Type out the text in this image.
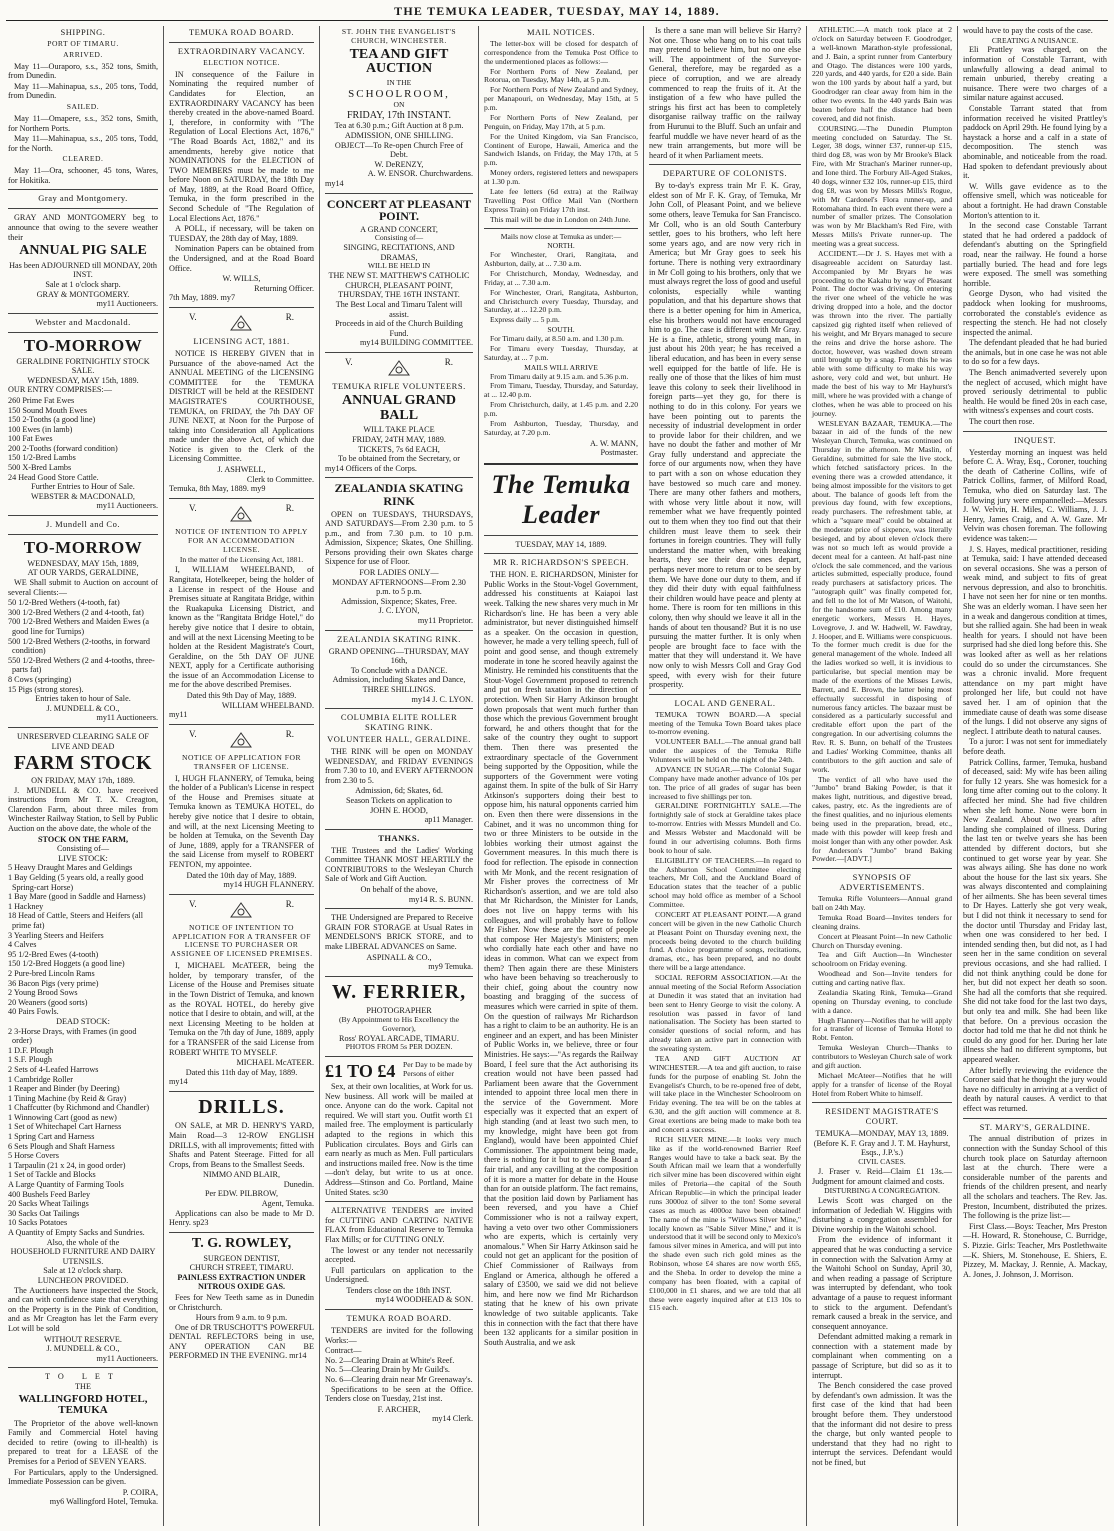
THE TEMUKA LEADER, TUESDAY, MAY 14, 1889.
SHIPPING.
PORT OF TIMARU.
ARRIVED.

May 11—Ouraporo, s.s., 352 tons, Smith, from Dunedin.

May 11—Mahinapua, s.s., 205 tons, Todd, from Dunedin.

SAILED.

May 11—Omapere, s.s., 352 tons, Smith, for Northern Ports.

May 11—Mahinapua, s.s., 205 tons, Todd, for the North.

CLEARED.

May 11—Ora, schooner, 45 tons, Wares, for Hokitika.

Gray and Montgomery.

GRAY AND MONTGOMERY beg to announce that owing to the severe weather their

ANNUAL PIG SALE
Has been ADJOURNED till MONDAY, 20th INST.
Sale at 1 o'clock sharp.
GRAY & MONTGOMERY.
my11 Auctioneers.
Webster and Macdonald.
TO-MORROW
GERALDINE FORTNIGHTLY STOCK SALE.
WEDNESDAY, MAY 15th, 1889.

OUR ENTRY COMPRISES:—

260 Prime Fat Ewes
150 Sound Mouth Ewes
150 2-Tooths (a good line)
100 Ewes (in lamb)
100 Fat Ewes
200 2-Tooths (forward condition)
150 1/2-Bred Lambs
500 X-Bred Lambs
24 Head Good Store Cattle.
Further Entries to Hour of Sale.
WEBSTER & MACDONALD,
my11 Auctioneers.
J. Mundell and Co.
TO-MORROW
WEDNESDAY, MAY 15th, 1889,
AT OUR YARDS, GERALDINE,

WE Shall submit to Auction on account of several Clients:—

50 1/2-Bred Wethers (4-tooth, fat)
300 1/2-Bred Wethers (2 and 4-tooth, fat)
700 1/2-Bred Wethers and Maiden Ewes (a good line for Turnips)
500 1/2-Bred Wethers (2-tooths, in forward condition)
550 1/2-Bred Wethers (2 and 4-tooths, three-parts fat)
8 Cows (springing)
15 Pigs (strong stores).
Entries taken to hour of Sale.
J. MUNDELL & CO.,
my11 Auctioneers.
UNRESERVED CLEARING SALE OF LIVE AND DEAD
FARM STOCK
ON FRIDAY, MAY 17th, 1889.

J. MUNDELL & CO. have received instructions from Mr T. X. Creagton, Clarendon Farm, about three miles from Winchester Railway Station, to Sell by Public Auction on the above date, the whole of the

STOCK ON THE FARM,
Consisting of—
LIVE STOCK:
5 Heavy Draught Mares and Geldings
1 Bay Gelding (5 years old, a really good Spring-cart Horse)
1 Bay Mare (good in Saddle and Harness)
1 Hackney
18 Head of Cattle, Steers and Heifers (all prime fat)
3 Yearling Steers and Heifers
4 Calves
95 1/2-Bred Ewes (4-tooth)
150 1/2-Bred Hoggets (a good line)
2 Pure-bred Lincoln Rams
36 Bacon Pigs (very prime)
2 Young Brood Sows
20 Weaners (good sorts)
40 Pairs Fowls.
DEAD STOCK:
2 3-Horse Drays, with Frames (in good order)
1 D.F. Plough
1 S.F. Plough
2 Sets of 4-Leafed Harrows
1 Cambridge Roller
1 Reaper and Binder (by Deering)
1 Tining Machine (by Reid & Gray)
1 Chaffcutter (by Richmond and Chandler)
1 Winnowing Cart (good as new)
1 Set of Whitechapel Cart Harness
1 Spring Cart and Harness
6 Sets Plough and Shaft Harness
5 Horse Covers
1 Tarpaulin (21 x 24, in good order)
1 Set of Tackle and Blocks
A Large Quantity of Farming Tools
400 Bushels Feed Barley
20 Sacks Wheat Tailings
30 Sacks Oat Tailings
10 Sacks Potatoes
A Quantity of Empty Sacks and Sundries.
Also, the whole of the
HOUSEHOLD FURNITURE AND DAIRY UTENSILS.
Sale at 12 o'clock sharp.
LUNCHEON PROVIDED.

The Auctioneers have inspected the Stock, and can with confidence state that everything on the Property is in the Pink of Condition, and as Mr Creagton has let the Farm every Lot will be sold

WITHOUT RESERVE.
J. MUNDELL & CO.,
my11 Auctioneers.
TO LET
THE
WALLINGFORD HOTEL, TEMUKA

The Proprietor of the above well-known Family and Commercial Hotel having decided to retire (owing to ill-health) is prepared to treat for a LEASE of the Premises for a Period of SEVEN YEARS.

For Particulars, apply to the Undersigned. Immediate Possession can be given.

P. COIRA,
my6 Wallingford Hotel, Temuka.
TEMUKA ROAD BOARD.
EXTRAORDINARY VACANCY.
ELECTION NOTICE.

IN consequence of the Failure in Nominating the required number of Candidates for Election, an EXTRAORDINARY VACANCY has been thereby created in the above-named Board. I, therefore, in conformity with "The Regulation of Local Elections Act, 1876," "The Road Boards Act, 1882," and its amendments, hereby give notice that NOMINATIONS for the ELECTION of TWO MEMBERS must be made to me before Noon on SATURDAY, the 18th Day of May, 1889, at the Road Board Office, Temuka, in the form prescribed in the Second Schedule of "The Regulation of Local Elections Act, 1876."

A POLL, if necessary, will be taken on TUESDAY, the 28th day of May, 1889.

Nomination Papers can be obtained from the Undersigned, and at the Road Board Office.

W. WILLS,
Returning Officer.
7th May, 1889. my7
V.	R.
LICENSING ACT, 1881.

NOTICE IS HEREBY GIVEN that in Pursuance of the above-named Act the ANNUAL MEETING of the LICENSING COMMITTEE for the TEMUKA DISTRICT will be held at the RESIDENT MAGISTRATE'S COURTHOUSE, TEMUKA, on FRIDAY, the 7th DAY OF JUNE NEXT, at Noon for the Purpose of taking into Consideration all Applications made under the above Act, of which due Notice is given to the Clerk of the Licensing Committee.

J. ASHWELL,
Clerk to Committee.
Temuka, 8th May, 1889. my9
V.	R.
NOTICE OF INTENTION TO APPLY FOR AN ACCOMMODATION LICENSE.
In the matter of the Licensing Act, 1881.

I, WILLIAM WHEELBAND, of Rangitata, Hotelkeeper, being the holder of a License in respect of the House and Premises situate at Rangitata Bridge, within the Ruakapuka Licensing District, and known as the "Rangitata Bridge Hotel," do hereby give notice that I desire to obtain, and will at the next Licensing Meeting to be holden at the Resident Magistrate's Court, Geraldine, on the 5th DAY OF JUNE NEXT, apply for a Certificate authorising the issue of an Accommodation License to me for the above described Premises.

Dated this 9th Day of May, 1889.
WILLIAM WHEELBAND.
my11
V.	R.
NOTICE OF APPLICATION FOR TRANSFER OF LICENSE.

I, HUGH FLANNERY, of Temuka, being the holder of a Publican's License in respect of the House and Premises situate at Temuka known as TEMUKA HOTEL, do hereby give notice that I desire to obtain, and will, at the next Licensing Meeting to be holden at Temuka, on the Seventh Day of June, 1889, apply for a TRANSFER of the said License from myself to ROBERT FENTON, my appointee.

Dated the 10th day of May, 1889.
my14 HUGH FLANNERY.
V.	R.
NOTICE OF INTENTION TO APPLICATION FOR A TRANSFER OF LICENSE TO PURCHASER OR ASSIGNEE OF LICENSED PREMISES.

I, MICHAEL McATEER, being the holder, by temporary transfer, of the License of the House and Premises situate in the Town District of Temuka, and known as the ROYAL HOTEL, do hereby give notice that I desire to obtain, and will, at the next Licensing Meeting to be holden at Temuka on the 7th day of June, 1889, apply for a TRANSFER of the said License from ROBERT WHITE TO MYSELF.

MICHAEL McATEER.
Dated this 11th day of May, 1889.
my14
DRILLS.

ON SALE, at MR D. HENRY'S YARD, Main Road—3 12-ROW ENGLISH DRILLS, with all improvements; fitted with Shafts and Patent Steerage. Fitted for all Crops, from Beans to the Smallest Seeds.

NIMMO AND BLAIR,
Dunedin.
Per EDW. PILBROW,
Agent, Temuka.

Applications can also be made to Mr D. Henry. sp23

T. G. ROWLEY,
SURGEON DENTIST,
CHURCH STREET, TIMARU.

PAINLESS EXTRACTION UNDER NITROUS OXIDE GAS.

Fees for New Teeth same as in Dunedin or Christchurch.

Hours from 9 a.m. to 9 p.m.

One of DR TRUSCHOTT'S POWERFUL DENTAL REFLECTORS being in use, ANY OPERATION CAN BE PERFORMED IN THE EVENING. mr14

ST. JOHN THE EVANGELIST'S CHURCH, WINCHESTER.
TEA AND GIFT AUCTION
IN THE
SCHOOLROOM,
ON
FRIDAY, 17th INSTANT.
Tea at 6.30 p.m.; Gift Auction at 8 p.m.
ADMISSION, ONE SHILLING.
OBJECT—To Re-open Church Free of Debt.
W. DeRENZY,
A. W. ENSOR. Churchwardens.
my14
CONCERT AT PLEASANT POINT.
A GRAND CONCERT,
Consisting of—
SINGING, RECITATIONS, AND DRAMAS,
WILL BE HELD IN
THE NEW ST. MATTHEW'S CATHOLIC CHURCH, PLEASANT POINT,
THURSDAY, THE 16TH INSTANT.
The Best Local and Timaru Talent will assist.
Proceeds in aid of the Church Building Fund.
my14 BUILDING COMMITTEE.
V.	R.
TEMUKA RIFLE VOLUNTEERS.
ANNUAL GRAND BALL
WILL TAKE PLACE
FRIDAY, 24TH MAY, 1889.
TICKETS, 7s 6d EACH,
To be obtained from the Secretary, or
my14 Officers of the Corps.
ZEALANDIA SKATING RINK

OPEN on TUESDAYS, THURSDAYS, AND SATURDAYS—From 2.30 p.m. to 5 p.m., and from 7.30 p.m. to 10 p.m. Admission, Sixpence; Skates, One Shilling. Persons providing their own Skates charge Sixpence for use of Floor.

FOR LADIES ONLY—
MONDAY AFTERNOONS—From 2.30 p.m. to 5 p.m.
Admission, Sixpence; Skates, Free.
J. C. LYON,
my11 Proprietor.
ZEALANDIA SKATING RINK.
GRAND OPENING—THURSDAY, MAY 16th,
To Conclude with a DANCE.
Admission, including Skates and Dance, THREE SHILLINGS.
my14 J. C. LYON.
COLUMBIA ELITE ROLLER SKATING RINK.
VOLUNTEER HALL, GERALDINE.

THE RINK will be open on MONDAY WEDNESDAY, and FRIDAY EVENINGS from 7.30 to 10, and EVERY AFTERNOON from 2.30 to 5.

Admission, 6d; Skates, 6d.
Season Tickets on application to
JOHN E. HOOD,
ap11 Manager.
THANKS.

THE Trustees and the Ladies' Working Committee THANK MOST HEARTILY the CONTRIBUTORS to the Wesleyan Church Sale of Work and Gift Auction.

On behalf of the above,
my14 R. S. BUNN.

THE Undersigned are Prepared to Receive GRAIN FOR STORAGE at Usual Rates in MENDELSON'S BRICK STORE, and to make LIBERAL ADVANCES on Same.

ASPINALL & CO.,
my9 Temuka.
W. FERRIER,
PHOTOGRAPHER
(By Appointment to His Excellency the Governor),
Ross' ROYAL ARCADE, TIMARU.
PHOTOS FROM 5s PER DOZEN.
£1 TO £4 Per Day to be made by Persons of either

Sex, at their own localities, at Work for us. New business. All work will be mailed at once. Anyone can do the work. Capital not required. We will start you. Outfit worth £1 mailed free. The employment is particularly adapted to the regions in which this Publication circulates. Boys and Girls can earn nearly as much as Men. Full particulars and instructions mailed free. Now is the time—don't delay, but write to us at once. Address—Stinson and Co. Portland, Maine United States. sc30

ALTERNATIVE TENDERS are invited for CUTTING AND CARTING NATIVE FLAX from Educational Reserve to Temuka Flax Mills; or for CUTTING ONLY.

The lowest or any tender not necessarily accepted.

Full particulars on application to the Undersigned.

Tenders close on the 18th INST.
my14 WOODHEAD & SON.
TEMUKA ROAD BOARD.

TENDERS are invited for the following Works:—

Contract—
No. 2—Clearing Drain at White's Reef.
No. 5—Clearing Drain by Mr Guild's.
No. 6—Clearing drain near Mr Greenaway's.

Specifications to be seen at the Office. Tenders close on Tuesday, 21st inst.

F. ARCHER,
my14 Clerk.
MAIL NOTICES.

The letter-box will be closed for despatch of correspondence from the Temuka Post Office to the undermentioned places as follows:—

For Northern Ports of New Zealand, per Rotorua, on Tuesday, May 14th, at 5 p.m.

For Northern Ports of New Zealand and Sydney, per Manapouri, on Wednesday, May 15th, at 5 p.m.

For Northern Ports of New Zealand, per Penguin, on Friday, May 17th, at 5 p.m.

For the United Kingdom, via San Francisco, Continent of Europe, Hawaii, America and the Sandwich Islands, on Friday, the May 17th, at 5 p.m.

Money orders, registered letters and newspapers at 1.30 p.m.

Late fee letters (6d extra) at the Railway Travelling Post Office Mail Van (Northern Express Train) on Friday 17th inst.

This mail will be due in London on 24th June.

Mails now close at Temuka as under:—
NORTH.

For Winchester, Orari, Rangitata, and Ashburton, daily, at ... 7.30 a.m.

For Christchurch, Monday, Wednesday, and Friday, at ... 7.30 a.m.

For Winchester, Orari, Rangitata, Ashburton, and Christchurch every Tuesday, Thursday, and Saturday, at ... 12.20 p.m.

Express daily ... 5 p.m.

SOUTH.

For Timaru daily, at 8.50 a.m. and 1.30 p.m.

For Timaru every Tuesday, Thursday, at Saturday, at ... 7 p.m.

MAILS WILL ARRIVE

From Timaru daily at 9.15 a.m. and 5.36 p.m.

From Timaru, Tuesday, Thursday, and Saturday, at ... 12.40 p.m.

From Christchurch, daily, at 1.45 p.m. and 2.20 p.m.

From Ashburton, Tuesday, Thursday, and Saturday, at 7.20 p.m.

A. W. MANN,
Postmaster.
The Temuka Leader
TUESDAY, MAY 14, 1889.
MR R. RICHARDSON'S SPEECH.

THE HON. E. RICHARDSON, Minister for Public Works in the Stout-Vogel Government, addressed his constituents at Kaiapoi last week. Talking the new shares very much in Mr Richardson's line. He has been a very able administrator, but never distinguished himself as a speaker. On the occasion in question, however, he made a very telling speech, full of point and good sense, and though extremely moderate in tone he scored heavily against the Ministry. He reminded his constituents that the Stout-Vogel Government proposed to retrench and put on fresh taxation in the direction of protection. When Sir Harry Atkinson brought down proposals that went much further than those which the previous Government brought forward, he and others thought that for the sake of the country they ought to support them. Then there was presented the extraordinary spectacle of the Government being supported by the Opposition, while the supporters of the Government were voting against them. In spite of the bulk of Sir Harry Atkinson's supporters doing their best to oppose him, his natural opponents carried him on. Even then there were dissensions in the Cabinet, and it was no uncommon thing for two or three Ministers to be outside in the lobbies working their utmost against the Government measures. In this much there is food for reflection. The episode in connection with Mr Monk, and the recent resignation of Mr Fisher proves the correctness of Mr Richardson's assertion, and we are told also that Mr Richardson, the Minister for Lands, does not live on happy terms with his colleagues, and will probably have to follow Mr Fisher. Now these are the sort of people that compose Her Majesty's Ministers; men who cordially hate each other and have no ideas in common. What can we expect from them? Then again there are these Ministers who have been behaving so treacherously to their chief, going about the country now boasting and bragging of the success of measures which were carried in spite of them. On the question of railways Mr Richardson has a right to claim to be an authority. He is an engineer and an expert, and has been Minister of Public Works in, we believe, three or four Ministries. He says:—"As regards the Railway Board, I feel sure that the Act authorising its creation would not have been passed had Parliament been aware that the Government intended to appoint three local men there in the service of the Government. More especially was it expected that an expert of high standing (and at least two such men, to my knowledge, might have been got from England), would have been appointed Chief Commissioner. The appointment being made, there is nothing for it but to give the Board a fair trial, and any cavilling at the composition of it is more a matter for debate in the House than for an outside platform. The fact remains, that the position laid down by Parliament has been reversed, and you have a Chief Commissioner who is not a railway expert, having a veto over two other Commissioners who are experts, which is certainly very anomalous." When Sir Harry Atkinson said he could not get an applicant for the position of Chief Commissioner of Railways from England or America, although he offered a salary of £3500, we said we did not believe him, and here now we find Mr Richardson stating that he knew of his own private knowledge of two suitable applicants. Take this in connection with the fact that there have been 132 applicants for a similar position in South Australia, and we ask

Is there a sane man will believe Sir Harry? Not one. Those who hang on to his coat tails may pretend to believe him, but no one else will. The appointment of the Surveyor-General, therefore, may be regarded as a piece of corruption, and we are already commenced to reap the fruits of it. At the instigation of a few who have pulled the strings his first act has been to completely disorganise railway traffic on the railway from Hurunui to the Bluff. Such an unfair and fearful muddle we have never heard of as the new train arrangements, but more will be heard of it when Parliament meets.

DEPARTURE OF COLONISTS.

By to-day's express train Mr F. K. Gray, eldest son of Mr F. K. Gray, of Temuka, Mr John Coll, of Pleasant Point, and we believe some others, leave Temuka for San Francisco. Mr Coll, who is an old South Canterbury settler, goes to his brothers, who left here some years ago, and are now very rich in America; but Mr Gray goes to seek his fortune. There is nothing very extraordinary in Mr Coll going to his brothers, only that we must always regret the loss of good and useful colonists, especially while wanting population, and that his departure shows that there is a better opening for him in America, else his brothers would not have encouraged him to go. The case is different with Mr Gray. He is a fine, athletic, strong young man, in just about his 20th year; he has received a liberal education, and has been in every sense well equipped for the battle of life. He is really one of those that the likes of him must leave this colony to seek their livelihood in foreign parts—yet they go, for there is nothing to do in this colony. For years we have been pointing out to parents the necessity of industrial development in order to provide labor for their children, and we have no doubt the father and mother of Mr Gray fully understand and appreciate the force of our arguments now, when they have to part with a son on whose education they have bestowed so much care and money. There are many other fathers and mothers, with whose very little about it now, will remember what we have frequently pointed out to them when they too find out that their children must leave them to seek their fortunes in foreign countries. They will fully understand the matter when, with breaking hearts, they see their dear ones depart, perhaps never more to return or to be seen by them. We have done our duty to them, and if they did their duty with equal faithfulness their children would have peace and plenty at home. There is room for ten millions in this colony, then why should we leave it all in the hands of about ten thousand? But it is no use pursuing the matter further. It is only when people are brought face to face with the matter that they will understand it. We have now only to wish Messrs Coll and Gray God speed, with every wish for their future prosperity.

LOCAL AND GENERAL.

TEMUKA TOWN BOARD.—A special meeting of the Temuka Town Board takes place to-morrow evening.

VOLUNTEER BALL.—The annual grand ball under the auspices of the Temuka Rifle Volunteers will be held on the night of the 24th.

ADVANCE IN SUGAR.—The Colonial Sugar Company have made another advance of 10s per ton. The price of all grades of sugar has been increased to five shillings per ton.

GERALDINE FORTNIGHTLY SALE.—The fortnightly sale of stock at Geraldine takes place to-morrow. Entries with Messrs Mundell and Co. and Messrs Webster and Macdonald will be found in our advertising columns. Both firms book to hour of sale.

ELIGIBILITY OF TEACHERS.—In regard to the Ashburton School Committee electing teachers, Mr Coll, and the Auckland Board of Education states that the teacher of a public school may hold office as member of a School Committee.

CONCERT AT PLEASANT POINT.—A grand concert will be given in the new Catholic Church at Pleasant Point on Thursday evening next, the proceeds being devoted to the church building fund. A choice programme of songs, recitations, dramas, etc., has been prepared, and no doubt there will be a large attendance.

SOCIAL REFORM ASSOCIATION.—At the annual meeting of the Social Reform Association at Dunedin it was stated that an invitation had been sent to Henry George to visit the colony. A resolution was passed in favor of land nationalisation. The Society has been started to consider questions of social reform, and has already taken an active part in connection with the sweating system.

TEA AND GIFT AUCTION AT WINCHESTER.—A tea and gift auction, to raise funds for the purpose of enabling St. John the Evangelist's Church, to be re-opened free of debt, will take place in the Winchester Schoolroom on Friday evening. The tea will be on the tables at 6.30, and the gift auction will commence at 8. Great exertions are being made to make both tea and concert a success.

RICH SILVER MINE.—It looks very much like as if the world-renowned Barrier Reef Ranges would have to take a back seat. By the South African mail we learn that a wonderfully rich silver mine has been discovered within eight miles of Pretoria—the capital of the South African Republic—in which the principal leader runs 3000oz of silver to the ton! Some several cases as much as 4000oz have been obtained! The name of the mine is "Willows Silver Mine," locally known as "Sable Silver Mine," and it is understood that it will be second only to Mexico's famous silver mines in America, and will put into the shade even such rich gold mines as the Robinson, whose £4 shares are now worth £65, and the Sheba. In order to develop the mine a company has been floated, with a capital of £100,000 in £1 shares, and we are told that all these were eagerly inquired after at £13 10s to £15 each.

ATHLETIC.—A match took place at 2 o'clock on Saturday between F. Goodrodger, a well-known Marathon-style professional, and J. Bain, a sprint runner from Canterbury and Otago. The distances were 100 yards, 220 yards, and 440 yards, for £20 a side. Bain won the 100 yards by about half a yard, but Goodrodger ran clear away from him in the other two events. In the 440 yards Bain was beaten before half the distance had been covered, and did not finish.

COURSING.—The Dunedin Plumpton meeting concluded on Saturday. The St. Leger, 38 dogs, winner £37, runner-up £15, third dog £8, was won by Mr Brooke's Black Fire, with Mr Strachan's Mariner runner-up, and Ione third. The Forbury All-Aged Stakes, 40 dogs, winner £32 10s, runner-up £15, third dog £8, was won by Messrs Mills's Rogue, with Mr Cardonel's Flora runner-up, and Rotomahana third. In each event there were a number of smaller prizes. The Consolation was won by Mr Blackham's Red Fire, with Messrs Mills's Private runner-up. The meeting was a great success.

ACCIDENT.—Dr J. S. Hayes met with a disagreeable accident on Saturday last. Accompanied by Mr Bryars he was proceeding to the Kakahu by way of Pleasant Point. The doctor was driving. On entering the river one wheel of the vehicle he was driving dropped into a hole, and the doctor was thrown into the river. The partially capsized gig righted itself when relieved of his weight, and Mr Bryars managed to secure the reins and drive the horse ashore. The doctor, however, was washed down stream until brought up by a snag. From this he was able with some difficulty to make his way ashore, very cold and wet, but unhurt. He made the best of his way to Mr Hayhurst's mill, where he was provided with a change of clothes, when he was able to proceed on his journey.

WESLEYAN BAZAAR, TEMUKA.—The bazaar in aid of the funds of the new Wesleyan Church, Temuka, was continued on Thursday in the afternoon. Mr Maslin, of Geraldine, submitted for sale the live stock, which fetched satisfactory prices. In the evening there was a crowded attendance, it being almost impossible for the visitors to get about. The balance of goods left from the previous day found, with few exceptions, ready purchasers. The refreshment table, at which a "square meal" could be obtained at the moderate price of sixpence, was literally besieged, and by about eleven o'clock there was not so much left as would provide a decent meal for a canteen. At half-past nine o'clock the sale commenced, and the various articles submitted, especially produce, found ready purchasers at satisfactory prices. The "autograph quilt" was finally competed for, and fell to the lot of Mr Watson, of Waitohi, for the handsome sum of £10. Among many energetic workers, Messrs H. Hayes, Lovegrove, J. and W. Hadwell, W. Fawdray, J. Hooper, and E. Williams were conspicuous. To the former much credit is due for the general management of the whole. Indeed all the ladies worked so well, it is invidious to particularise, but special mention may be made of the exertions of the Misses Lewis, Barrett, and E. Brown, the latter being most effectually successful in disposing of numerous fancy articles. The bazaar must be considered as a particularly successful and creditable effort upon the part of the congregation. In our advertising columns the Rev. R. S. Bunn, on behalf of the Trustees and Ladies' Working Committee, thanks all contributors to the gift auction and sale of work.

The verdict of all who have used the "Jumbo" brand Baking Powder, is that it makes light, nutritious, and digestive bread, cakes, pastry, etc. As the ingredients are of the finest qualities, and no injurious elements being used in the preparation, bread, etc., made with this powder will keep fresh and moist longer than with any other powder. Ask for Anderson's "Jumbo" brand Baking Powder.—[ADVT.]

SYNOPSIS OF ADVERTISEMENTS.

Temuka Rifle Volunteers—Annual grand ball on 24th May.

Temuka Road Board—Invites tenders for cleaning drains.

Concert at Pleasant Point—In new Catholic Church on Thursday evening.

Tea and Gift Auction—In Winchester schoolroom on Friday evening.

Woodhead and Son—Invite tenders for cutting and carting native flax.

Zealandia Skating Rink, Temuka—Grand opening on Thursday evening, to conclude with a dance.

Hugh Flannery—Notifies that he will apply for a transfer of license of Temuka Hotel to Robt. Fenton.

Temuka Wesleyan Church—Thanks to contributors to Wesleyan Church sale of work and gift auction.

Michael McAteer—Notifies that he will apply for a transfer of license of the Royal Hotel from Robert White to himself.

RESIDENT MAGISTRATE'S COURT.
TEMUKA—MONDAY, MAY 13, 1889.
(Before K. F. Gray and J. T. M. Hayhurst, Esqs., J.P.'s.)
CIVIL CASES.

J. Fraser v. Reid—Claim £1 13s.—Judgment for amount claimed and costs.

DISTURBING A CONGREGATION.

Lewis Scott was charged on the information of Jedediah W. Higgins with disturbing a congregation assembled for Divine worship in the Waitohi school.

From the evidence of informant it appeared that he was conducting a service in connection with the Salvation Army at the Waitohi School on Sunday, April 30, and when reading a passage of Scripture was interrupted by defendant, who took advantage of a pause to request informant to stick to the argument. Defendant's remark caused a break in the service, and consequent annoyance.

Defendant admitted making a remark in connection with a statement made by complainant when commenting on a passage of Scripture, but did so as it to interrupt.

The Bench considered the case proved by defendant's own admission. It was the first case of the kind that had been brought before them. They understood that the informant did not desire to press the charge, but only wanted people to understand that they had no right to interrupt the services. Defendant would not be fined, but

would have to pay the costs of the case.

CREATING A NUISANCE.

Eli Prattley was charged, on the information of Constable Tarrant, with unlawfully allowing a dead animal to remain unburied, thereby creating a nuisance. There were two charges of a similar nature against accused.

Constable Tarrant stated that from information received he visited Prattley's paddock on April 29th. He found lying by a haystack a horse and a calf in a state of decomposition. The stench was abominable, and noticeable from the road. Had spoken to defendant previously about it.

W. Wills gave evidence as to the offensive smell, which was noticeable for about a fortnight. He had drawn Constable Morton's attention to it.

In the second case Constable Tarrant stated that he had ordered a paddock of defendant's abutting on the Springfield road, near the railway. He found a horse partially buried. The head and fore legs were exposed. The smell was something horrible.

George Dyson, who had visited the paddock when looking for mushrooms, corroborated the constable's evidence as respecting the stench. He had not closely inspected the animal.

The defendant pleaded that he had buried the animals, but in one case he was not able to do so for a few days.

The Bench animadverted severely upon the neglect of accused, which might have proved seriously detrimental to public health. He would be fined 20s in each case, with witness's expenses and court costs.

The court then rose.

INQUEST.

Yesterday morning an inquest was held before C. A. Wray, Esq., Coroner, touching the death of Catherine Collins, wife of Patrick Collins, farmer, of Milford Road, Temuka, who died on Saturday last. The following jury were empannelled:—Messrs J. W. Velvin, H. Miles, C. Williams, J. J. Henry, James Craig, and A. W. Gaze. Mr Velvin was chosen foreman. The following evidence was taken:—

J. S. Hayes, medical practitioner, residing at Temuka, said: I have attended deceased on several occasions. She was a person of weak mind, and subject to fits of great nervous depression, and also to bronchitis. I have not seen her for nine or ten months. She was an elderly woman. I have seen her in a weak and dangerous condition at times, but she rallied again. She had been in weak health for years. I should not have been surprised had she died long before this. She was looked after as well as her relations could do so under the circumstances. She was a chronic invalid. More frequent attendance on my part might have prolonged her life, but could not have saved her. I am of opinion that the immediate cause of death was some disease of the lungs. I did not observe any signs of neglect. I attribute death to natural causes.

To a juror: I was not sent for immediately before death.

Patrick Collins, farmer, Temuka, husband of deceased, said: My wife has been ailing for fully 12 years. She was homesick for a long time after coming out to the colony. It affected her mind. She had five children when she left home. None were born in New Zealand. About two years after landing she complained of illness. During the last ten or twelve years she has been attended by different doctors, but she continued to get worse year by year. She was always ailing. She has done no work about the house for the last six years. She was always discontented and complaining of her ailments. She has been several times to Dr Hayes. Latterly she got very weak, but I did not think it necessary to send for the doctor until Thursday and Friday last, when one was considered to her bed. I intended sending then, but did not, as I had seen her in the same condition on several previous occasions, and she had rallied. I did not think anything could be done for her, but did not expect her death so soon. She had all the comforts that she required. She did not take food for the last two days, but only tea and milk. She had been like that before. On a previous occasion the doctor had told me that he did not think he could do any good for her. During her late illness she had no different symptoms, but appeared weaker.

After briefly reviewing the evidence the Coroner said that he thought the jury would have no difficulty in arriving at a verdict of death by natural causes. A verdict to that effect was returned.

ST. MARY'S, GERALDINE.

The annual distribution of prizes in connection with the Sunday School of this church took place on Saturday afternoon last at the church. There were a considerable number of the parents and friends of the children present, and nearly all the scholars and teachers. The Rev. Jas. Preston, Incumbent, distributed the prizes. The following is the prize list:—

First Class.—Boys: Teacher, Mrs Preston—H. Howard, R. Stonehouse, C. Burridge, S. Pizzie. Girls: Teacher, Mrs Postlethwaite—K. Shiers, M. Stonehouse, E. Shiers, E. Pizzey, M. Mackay, J. Rennie, A. Mackay, A. Jones, J. Johnson, J. Morrison.
